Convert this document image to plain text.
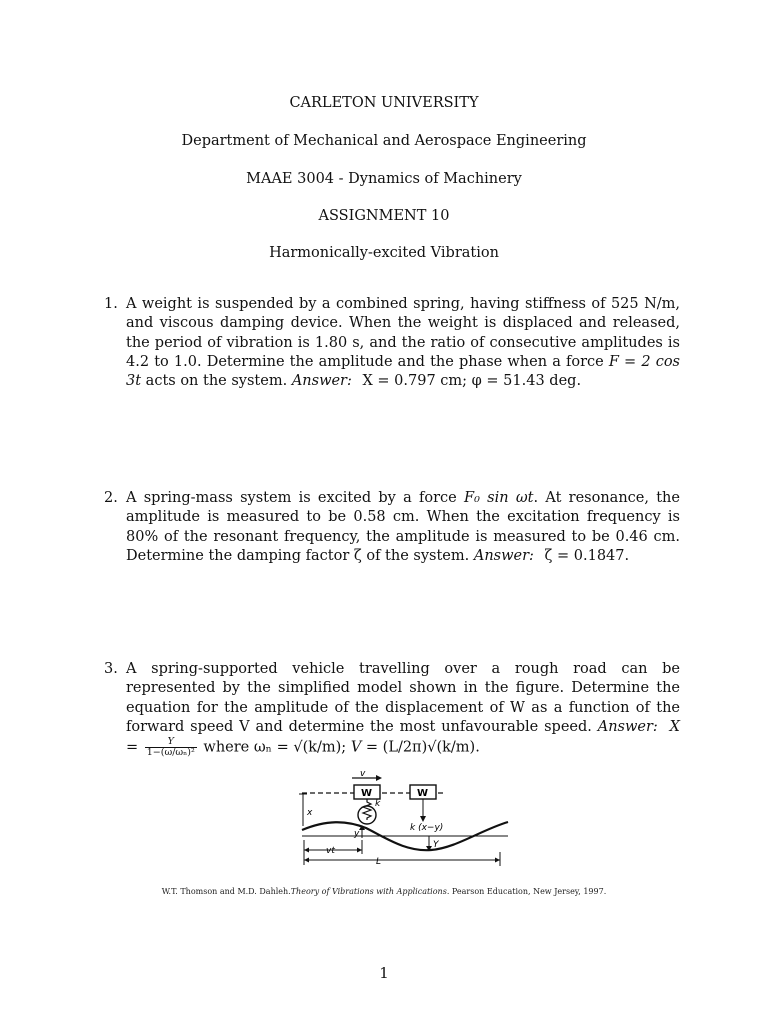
CARLETON UNIVERSITY
Department of Mechanical and Aerospace Engineering
MAAE 3004 - Dynamics of Machinery
ASSIGNMENT 10
Harmonically-excited Vibration
1. A weight is suspended by a combined spring, having stiffness of 525 N/m, and viscous damping device. When the weight is displaced and released, the period of vibration is 1.80 s, and the ratio of consecutive amplitudes is 4.2 to 1.0. Determine the amplitude and the phase when a force F = 2 cos 3t acts on the system. Answer: X = 0.797 cm; φ = 51.43 deg.
2. A spring-mass system is excited by a force F₀ sin ωt. At resonance, the amplitude is measured to be 0.58 cm. When the excitation frequency is 80% of the resonant frequency, the amplitude is measured to be 0.46 cm. Determine the damping factor ζ of the system. Answer: ζ = 0.1847.
3. A spring-supported vehicle travelling over a rough road can be represented by the simplified model shown in the figure. Determine the equation for the amplitude of the displacement of W as a function of the forward speed V and determine the most unfavourable speed. Answer: $X = \frac{Y}{\text{1−(ω/ωₙ)²}}$ where ωₙ = √(k/m); V = (L/2π)√(k/m).
v
W	W
x
k
k (x−y)
y
Y
vt
L
W.T. Thomson and M.D. Dahleh.Theory of Vibrations with Applications. Pearson Education, New Jersey, 1997.
1
